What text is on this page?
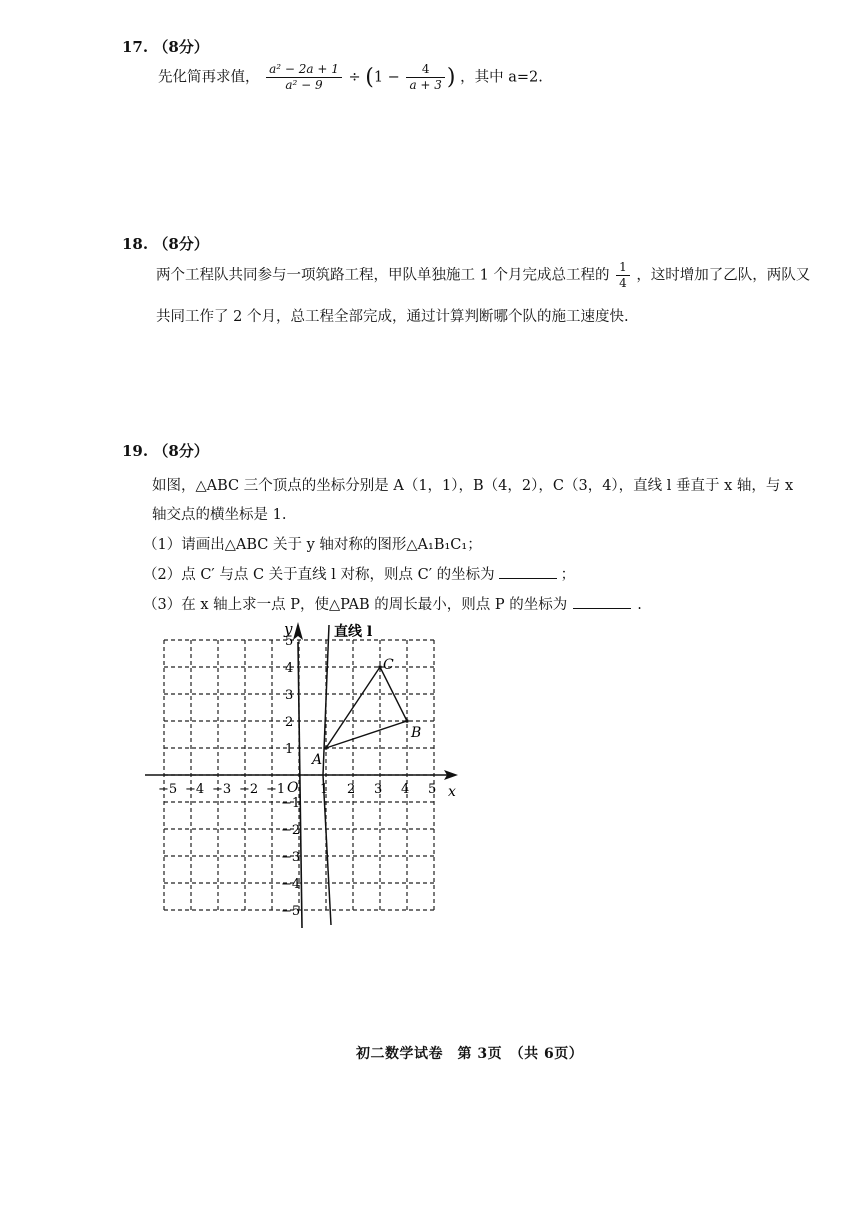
17. （8分）
先化简再求值， $\frac{\text{a² − 2a + 1}}{\text{a² − 9}} \div (1 - \frac{4}{a + 3}$ ) ，其中 a=2.
18. （8分）
两个工程队共同参与一项筑路工程，甲队单独施工 1 个月完成总工程的 $\frac{1}{4}$ ，这时增加了乙队，两队又
共同工作了 2 个月，总工程全部完成，通过计算判断哪个队的施工速度快.
19. （8分）
如图，△ABC 三个顶点的坐标分别是 A（1，1），B（4，2），C（3，4），直线 l 垂直于 x 轴，与 x
轴交点的横坐标是 1.
（1）请画出△ABC 关于 y 轴对称的图形△A₁B₁C₁；
（2）点 C′ 与点 C 关于直线 l 对称，则点 C′ 的坐标为	；
（3）在 x 轴上求一点 P，使△PAB 的周长最小，则点 P 的坐标为	.
−5 −4 −3 −2 −1	1 2 3 4 5
5
4
3
2
1
−1
−2
−3
−4
−5
y
x
直线 l
O
A
B
C
初二数学试卷　第 3页　（共 6页）
